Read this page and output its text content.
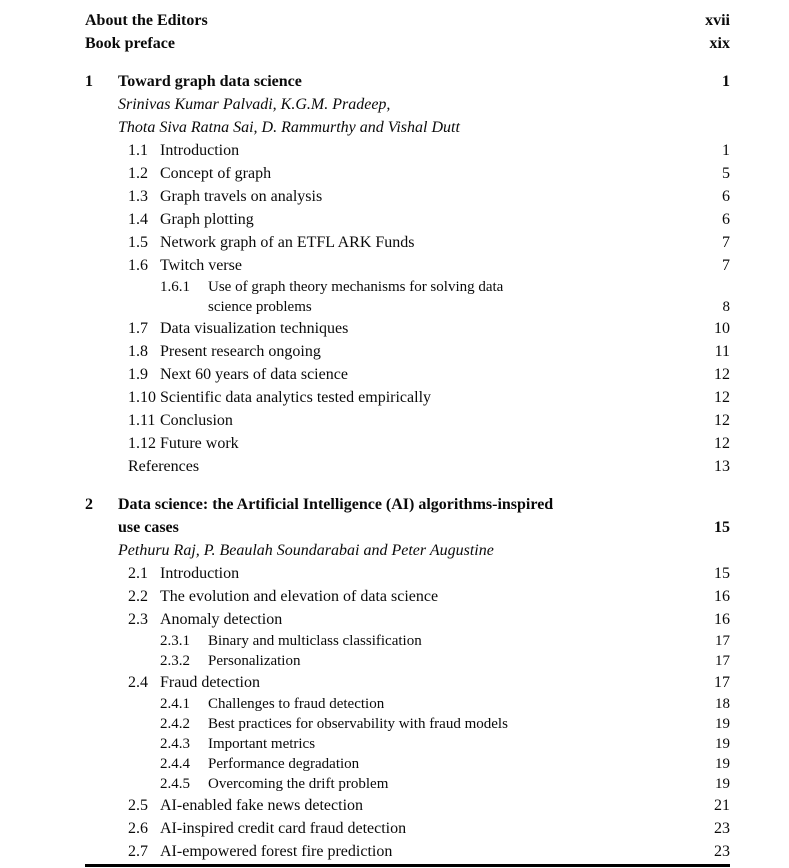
About the Editors	xvii
Book preface	xix
1	Toward graph data science	1
Srinivas Kumar Palvadi, K.G.M. Pradeep,
Thota Siva Ratna Sai, D. Rammurthy and Vishal Dutt
1.1 Introduction	1
1.2 Concept of graph	5
1.3 Graph travels on analysis	6
1.4 Graph plotting	6
1.5 Network graph of an ETFL ARK Funds	7
1.6 Twitch verse	7
1.6.1	Use of graph theory mechanisms for solving data
science problems	8
1.7 Data visualization techniques	10
1.8 Present research ongoing	11
1.9 Next 60 years of data science	12
1.10 Scientific data analytics tested empirically	12
1.11 Conclusion	12
1.12 Future work	12
References	13
2	Data science: the Artificial Intelligence (AI) algorithms-inspired
use cases	15
Pethuru Raj, P. Beaulah Soundarabai and Peter Augustine
2.1 Introduction	15
2.2 The evolution and elevation of data science	16
2.3 Anomaly detection	16
2.3.1	Binary and multiclass classification	17
2.3.2	Personalization	17
2.4 Fraud detection	17
2.4.1	Challenges to fraud detection	18
2.4.2	Best practices for observability with fraud models	19
2.4.3	Important metrics	19
2.4.4	Performance degradation	19
2.4.5	Overcoming the drift problem	19
2.5 AI-enabled fake news detection	21
2.6 AI-inspired credit card fraud detection	23
2.7 AI-empowered forest fire prediction	23
